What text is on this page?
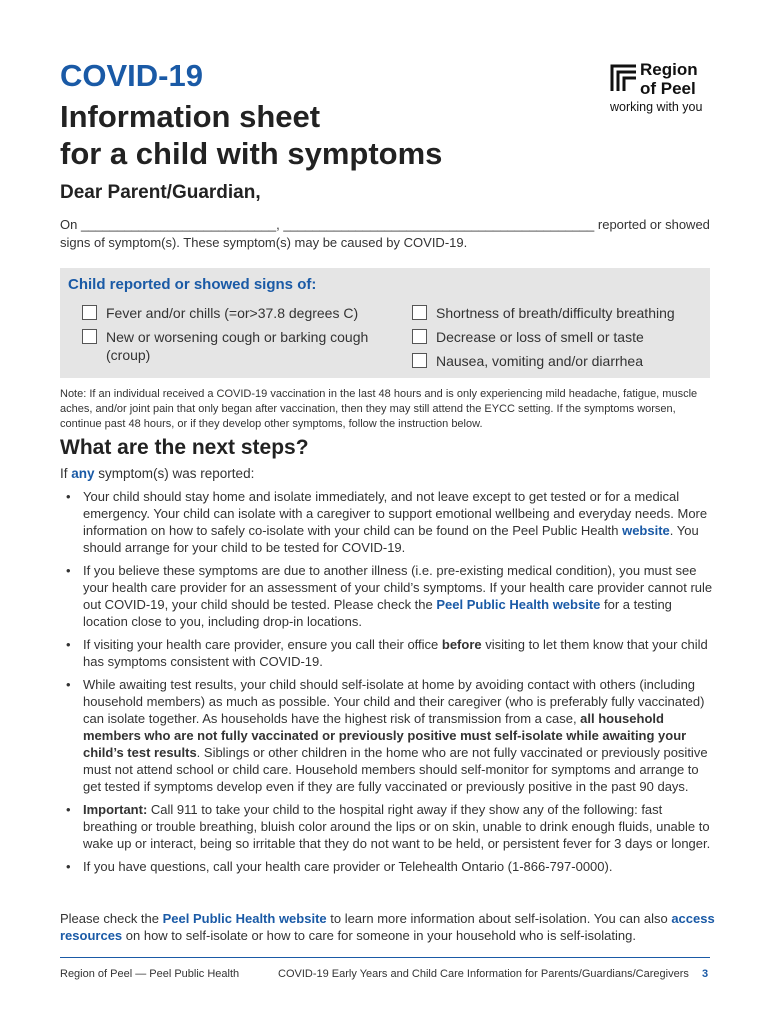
COVID-19
Information sheet
for a child with symptoms
Region
of Peel
working with you
Dear Parent/Guardian,
On ___________________________, ___________________________________________ reported or showed signs of symptom(s). These symptom(s) may be caused by COVID-19.
Child reported or showed signs of:
Fever and/or chills (=or>37.8 degrees C)
New or worsening cough or barking cough (croup)
Shortness of breath/difficulty breathing
Decrease or loss of smell or taste
Nausea, vomiting and/or diarrhea
Note: If an individual received a COVID-19 vaccination in the last 48 hours and is only experiencing mild headache, fatigue, muscle aches, and/or joint pain that only began after vaccination, then they may still attend the EYCC setting. If the symptoms worsen, continue past 48 hours, or if they develop other symptoms, follow the instruction below.
What are the next steps?
If any symptom(s) was reported:
• Your child should stay home and isolate immediately, and not leave except to get tested or for a medical emergency. Your child can isolate with a caregiver to support emotional wellbeing and everyday needs. More information on how to safely co-isolate with your child can be found on the Peel Public Health website. You should arrange for your child to be tested for COVID-19.
• If you believe these symptoms are due to another illness (i.e. pre-existing medical condition), you must see your health care provider for an assessment of your child’s symptoms. If your health care provider cannot rule out COVID-19, your child should be tested. Please check the Peel Public Health website for a testing location close to you, including drop-in locations.
• If visiting your health care provider, ensure you call their office before visiting to let them know that your child has symptoms consistent with COVID-19.
• While awaiting test results, your child should self-isolate at home by avoiding contact with others (including household members) as much as possible. Your child and their caregiver (who is preferably fully vaccinated) can isolate together. As households have the highest risk of transmission from a case, all household members who are not fully vaccinated or previously positive must self-isolate while awaiting your child’s test results. Siblings or other children in the home who are not fully vaccinated or previously positive must not attend school or child care. Household members should self-monitor for symptoms and arrange to get tested if symptoms develop even if they are fully vaccinated or previously positive in the past 90 days.
• Important: Call 911 to take your child to the hospital right away if they show any of the following: fast breathing or trouble breathing, bluish color around the lips or on skin, unable to drink enough fluids, unable to wake up or interact, being so irritable that they do not want to be held, or persistent fever for 3 days or longer.
• If you have questions, call your health care provider or Telehealth Ontario (1-866-797-0000).
Please check the Peel Public Health website to learn more information about self-isolation. You can also access resources on how to self-isolate or how to care for someone in your household who is self-isolating.
Region of Peel — Peel Public Health	COVID-19 Early Years and Child Care Information for Parents/Guardians/Caregivers 3
